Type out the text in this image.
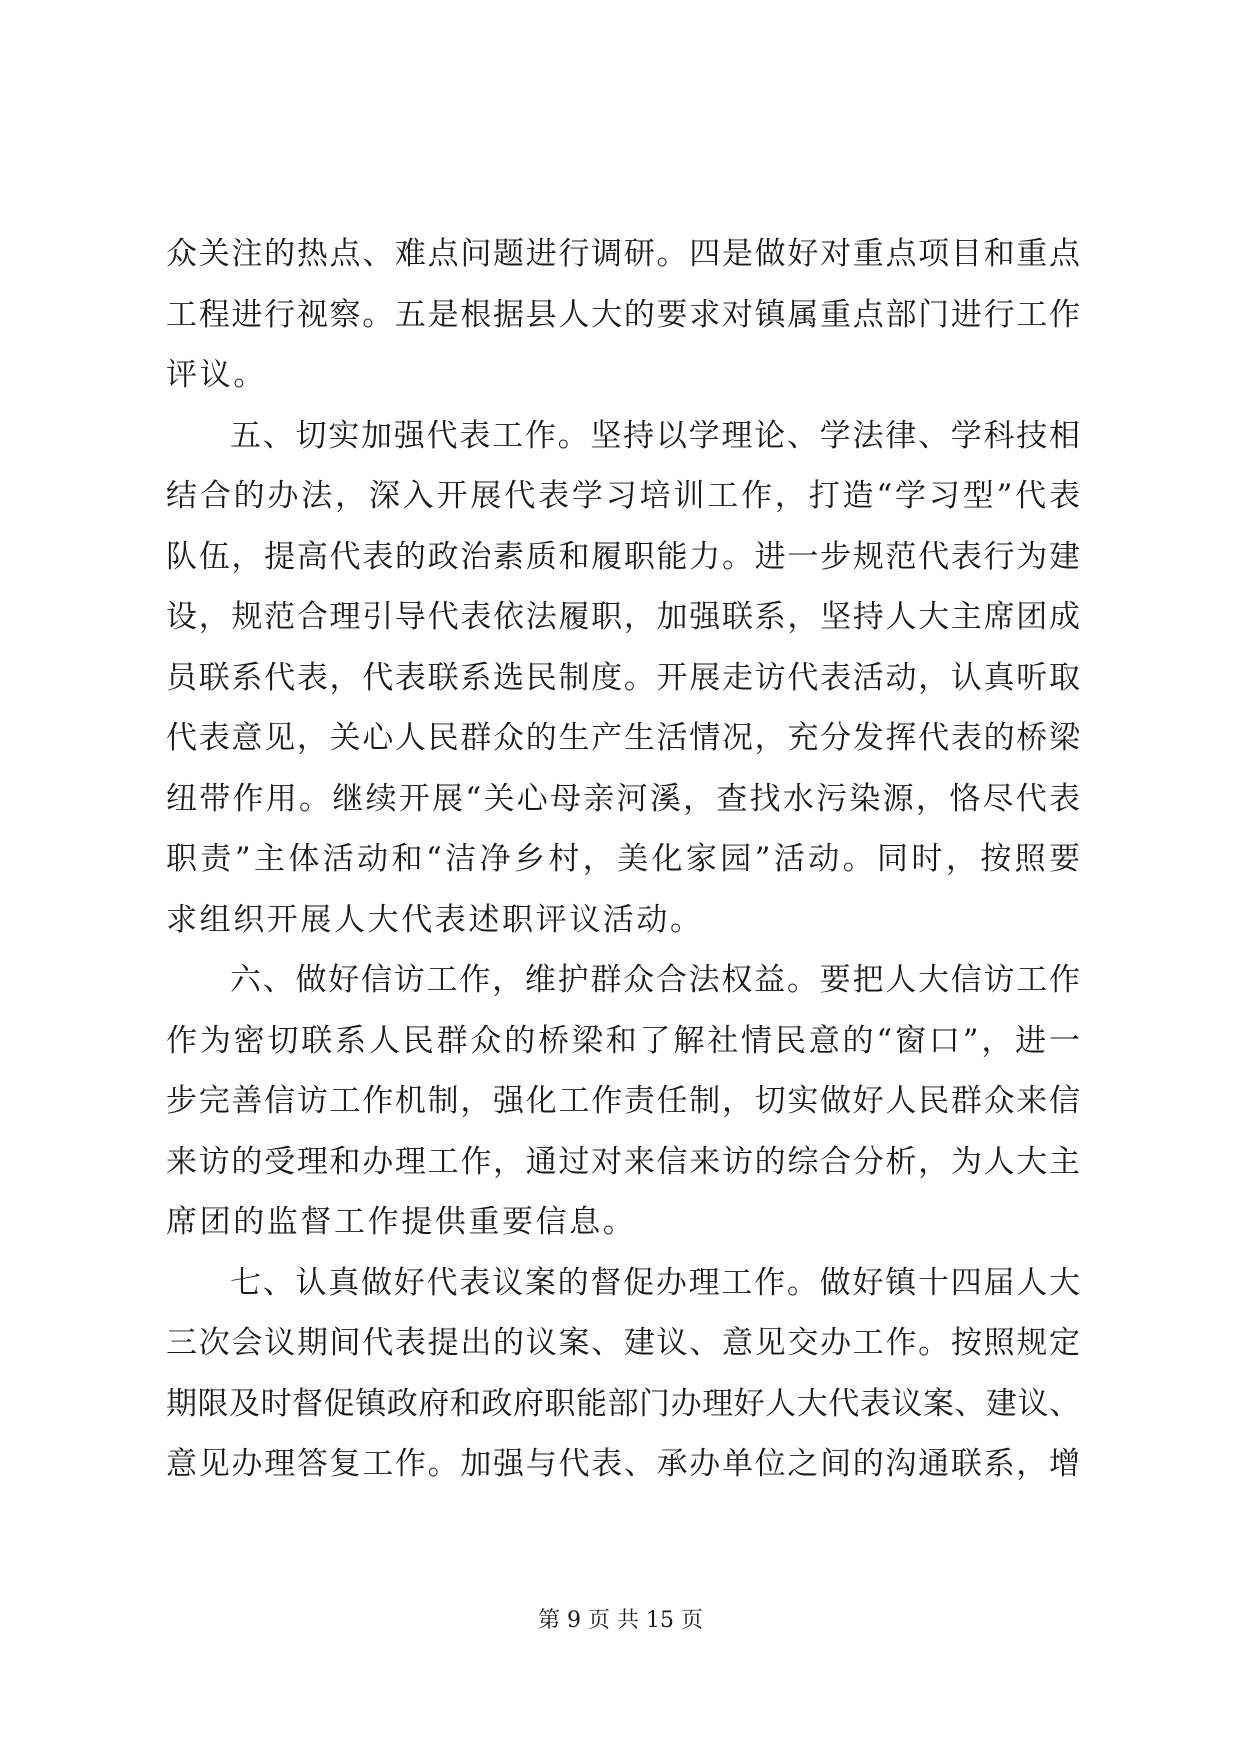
众关注的热点、难点问题进行调研。四是做好对重点项目和重点
工程进行视察。五是根据县人大的要求对镇属重点部门进行工作
评议。
五、切实加强代表工作。坚持以学理论、学法律、学科技相
结合的办法，深入开展代表学习培训工作，打造“学习型”代表
队伍，提高代表的政治素质和履职能力。进一步规范代表行为建
设，规范合理引导代表依法履职，加强联系，坚持人大主席团成
员联系代表，代表联系选民制度。开展走访代表活动，认真听取
代表意见，关心人民群众的生产生活情况，充分发挥代表的桥梁
纽带作用。继续开展“关心母亲河溪，查找水污染源，恪尽代表
职责”主体活动和“洁净乡村，美化家园”活动。同时，按照要
求组织开展人大代表述职评议活动。
六、做好信访工作，维护群众合法权益。要把人大信访工作
作为密切联系人民群众的桥梁和了解社情民意的“窗口”，进一
步完善信访工作机制，强化工作责任制，切实做好人民群众来信
来访的受理和办理工作，通过对来信来访的综合分析，为人大主
席团的监督工作提供重要信息。
七、认真做好代表议案的督促办理工作。做好镇十四届人大
三次会议期间代表提出的议案、建议、意见交办工作。按照规定
期限及时督促镇政府和政府职能部门办理好人大代表议案、建议、
意见办理答复工作。加强与代表、承办单位之间的沟通联系，增
第 9 页 共 15 页
